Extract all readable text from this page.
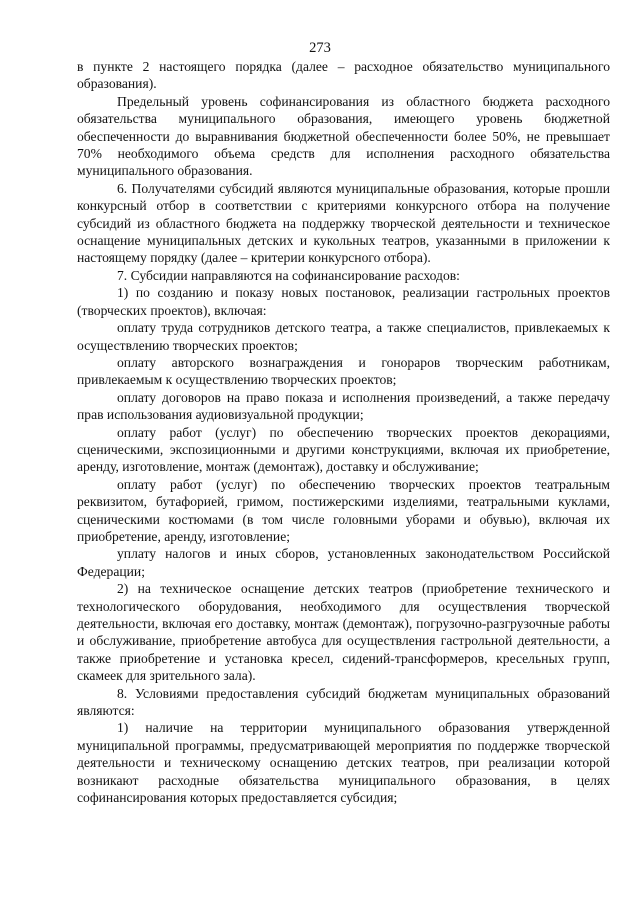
273

в пункте 2 настоящего порядка (далее – расходное обязательство муниципального образования).

Предельный уровень софинансирования из областного бюджета расходного обязательства муниципального образования, имеющего уровень бюджетной обеспеченности до выравнивания бюджетной обеспеченности более 50%, не превышает 70% необходимого объема средств для исполнения расходного обязательства муниципального образования.

6. Получателями субсидий являются муниципальные образования, которые прошли конкурсный отбор в соответствии с критериями конкурсного отбора на получение субсидий из областного бюджета на поддержку творческой деятельности и техническое оснащение муниципальных детских и кукольных театров, указанными в приложении к настоящему порядку (далее – критерии конкурсного отбора).

7. Субсидии направляются на софинансирование расходов:

1) по созданию и показу новых постановок, реализации гастрольных проектов (творческих проектов), включая:

оплату труда сотрудников детского театра, а также специалистов, привлекаемых к осуществлению творческих проектов;

оплату авторского вознаграждения и гонораров творческим работникам, привлекаемым к осуществлению творческих проектов;

оплату договоров на право показа и исполнения произведений, а также передачу прав использования аудиовизуальной продукции;

оплату работ (услуг) по обеспечению творческих проектов декорациями, сценическими, экспозиционными и другими конструкциями, включая их приобретение, аренду, изготовление, монтаж (демонтаж), доставку и обслуживание;

оплату работ (услуг) по обеспечению творческих проектов театральным реквизитом, бутафорией, гримом, постижерскими изделиями, театральными куклами, сценическими костюмами (в том числе головными уборами и обувью), включая их приобретение, аренду, изготовление;

уплату налогов и иных сборов, установленных законодательством Российской Федерации;

2) на техническое оснащение детских театров (приобретение технического и технологического оборудования, необходимого для осуществления творческой деятельности, включая его доставку, монтаж (демонтаж), погрузочно-разгрузочные работы и обслуживание, приобретение автобуса для осуществления гастрольной деятельности, а также приобретение и установка кресел, сидений-трансформеров, кресельных групп, скамеек для зрительного зала).

8. Условиями предоставления субсидий бюджетам муниципальных образований являются:

1) наличие на территории муниципального образования утвержденной муниципальной программы, предусматривающей мероприятия по поддержке творческой деятельности и техническому оснащению детских театров, при реализации которой возникают расходные обязательства муниципального образования, в целях софинансирования которых предоставляется субсидия;
